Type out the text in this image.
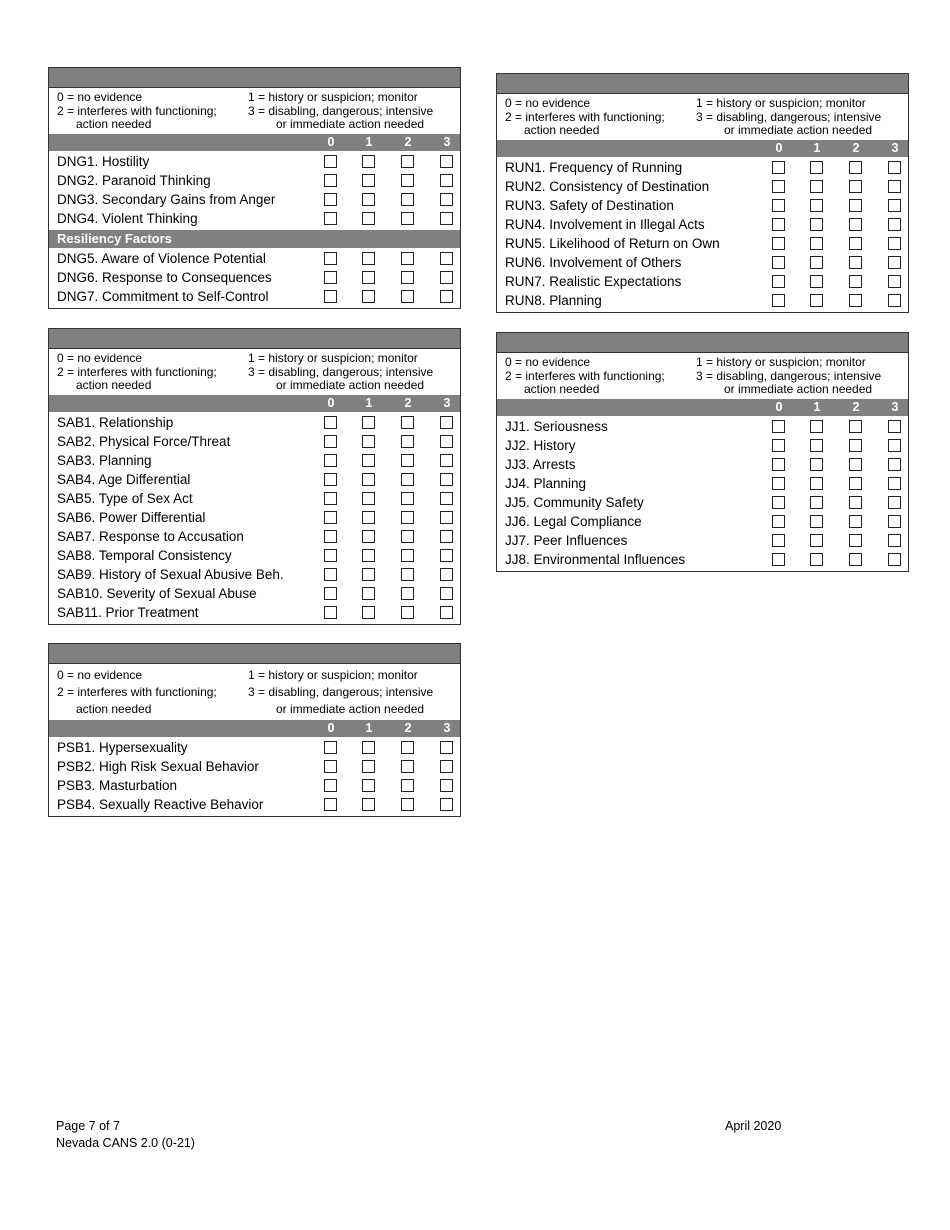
0 = no evidence
2 = interferes with functioning;
action needed
1 = history or suspicion; monitor
3 = disabling, dangerous; intensive
or immediate action needed
0	1	2	3
DNG1. Hostility
DNG2. Paranoid Thinking
DNG3. Secondary Gains from Anger
DNG4. Violent Thinking
Resiliency Factors
DNG5. Aware of Violence Potential
DNG6. Response to Consequences
DNG7. Commitment to Self-Control
0 = no evidence
2 = interferes with functioning;
action needed
1 = history or suspicion; monitor
3 = disabling, dangerous; intensive
or immediate action needed
0	1	2	3
RUN1. Frequency of Running
RUN2. Consistency of Destination
RUN3. Safety of Destination
RUN4. Involvement in Illegal Acts
RUN5. Likelihood of Return on Own
RUN6. Involvement of Others
RUN7. Realistic Expectations
RUN8. Planning
0 = no evidence
2 = interferes with functioning;
action needed
1 = history or suspicion; monitor
3 = disabling, dangerous; intensive
or immediate action needed
0	1	2	3
SAB1. Relationship
SAB2. Physical Force/Threat
SAB3. Planning
SAB4. Age Differential
SAB5. Type of Sex Act
SAB6. Power Differential
SAB7. Response to Accusation
SAB8. Temporal Consistency
SAB9. History of Sexual Abusive Beh.
SAB10. Severity of Sexual Abuse
SAB11. Prior Treatment
0 = no evidence
2 = interferes with functioning;
action needed
1 = history or suspicion; monitor
3 = disabling, dangerous; intensive
or immediate action needed
0	1	2	3
JJ1. Seriousness
JJ2. History
JJ3. Arrests
JJ4. Planning
JJ5. Community Safety
JJ6. Legal Compliance
JJ7. Peer Influences
JJ8. Environmental Influences
0 = no evidence
2 = interferes with functioning;
action needed
1 = history or suspicion; monitor
3 = disabling, dangerous; intensive
or immediate action needed
0	1	2	3
PSB1. Hypersexuality
PSB2. High Risk Sexual Behavior
PSB3. Masturbation
PSB4. Sexually Reactive Behavior
Page 7 of 7
Nevada CANS 2.0 (0-21)
April 2020
